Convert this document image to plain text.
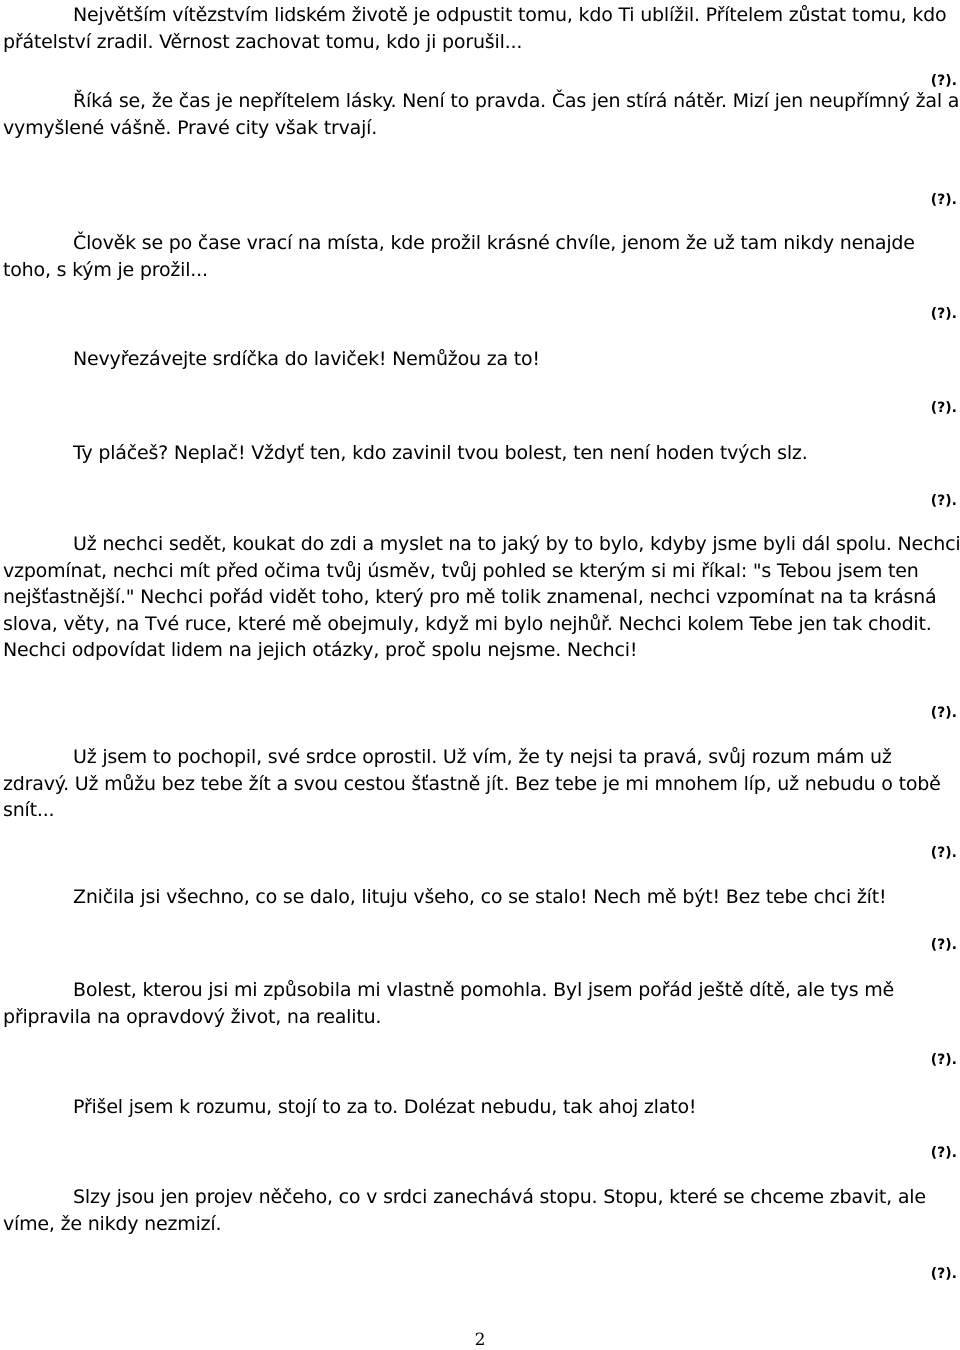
Největším vítězstvím lidském životě je odpustit tomu, kdo Ti ublížil. Přítelem zůstat tomu, kdo přátelství zradil. Věrnost zachovat tomu, kdo ji porušil...

(?).

Říká se, že čas je nepřítelem lásky. Není to pravda. Čas jen stírá nátěr. Mizí jen neupřímný žal a vymyšlené vášně. Pravé city však trvají.

(?).

Člověk se po čase vrací na místa, kde prožil krásné chvíle, jenom že už tam nikdy nenajde toho, s kým je prožil...

(?).

Nevyřezávejte srdíčka do laviček! Nemůžou za to!

(?).

Ty pláčeš? Neplač! Vždyť ten, kdo zavinil tvou bolest, ten není hoden tvých slz.

(?).

Už nechci sedět, koukat do zdi a myslet na to jaký by to bylo, kdyby jsme byli dál spolu. Nechci vzpomínat, nechci mít před očima tvůj úsměv, tvůj pohled se kterým si mi říkal: "s Tebou jsem ten nejšťastnější." Nechci pořád vidět toho, který pro mě tolik znamenal, nechci vzpomínat na ta krásná slova, věty, na Tvé ruce, které mě obejmuly, když mi bylo nejhůř. Nechci kolem Tebe jen tak chodit. Nechci odpovídat lidem na jejich otázky, proč spolu nejsme. Nechci!

(?).

Už jsem to pochopil, své srdce oprostil. Už vím, že ty nejsi ta pravá, svůj rozum mám už zdravý. Už můžu bez tebe žít a svou cestou šťastně jít. Bez tebe je mi mnohem líp, už nebudu o tobě snít...

(?).

Zničila jsi všechno, co se dalo, lituju všeho, co se stalo! Nech mě být! Bez tebe chci žít!

(?).

Bolest, kterou jsi mi způsobila mi vlastně pomohla. Byl jsem pořád ještě dítě, ale tys mě připravila na opravdový život, na realitu.

(?).

Přišel jsem k rozumu, stojí to za to. Dolézat nebudu, tak ahoj zlato!

(?).

Slzy jsou jen projev něčeho, co v srdci zanechává stopu. Stopu, které se chceme zbavit, ale víme, že nikdy nezmizí.

(?).
2
